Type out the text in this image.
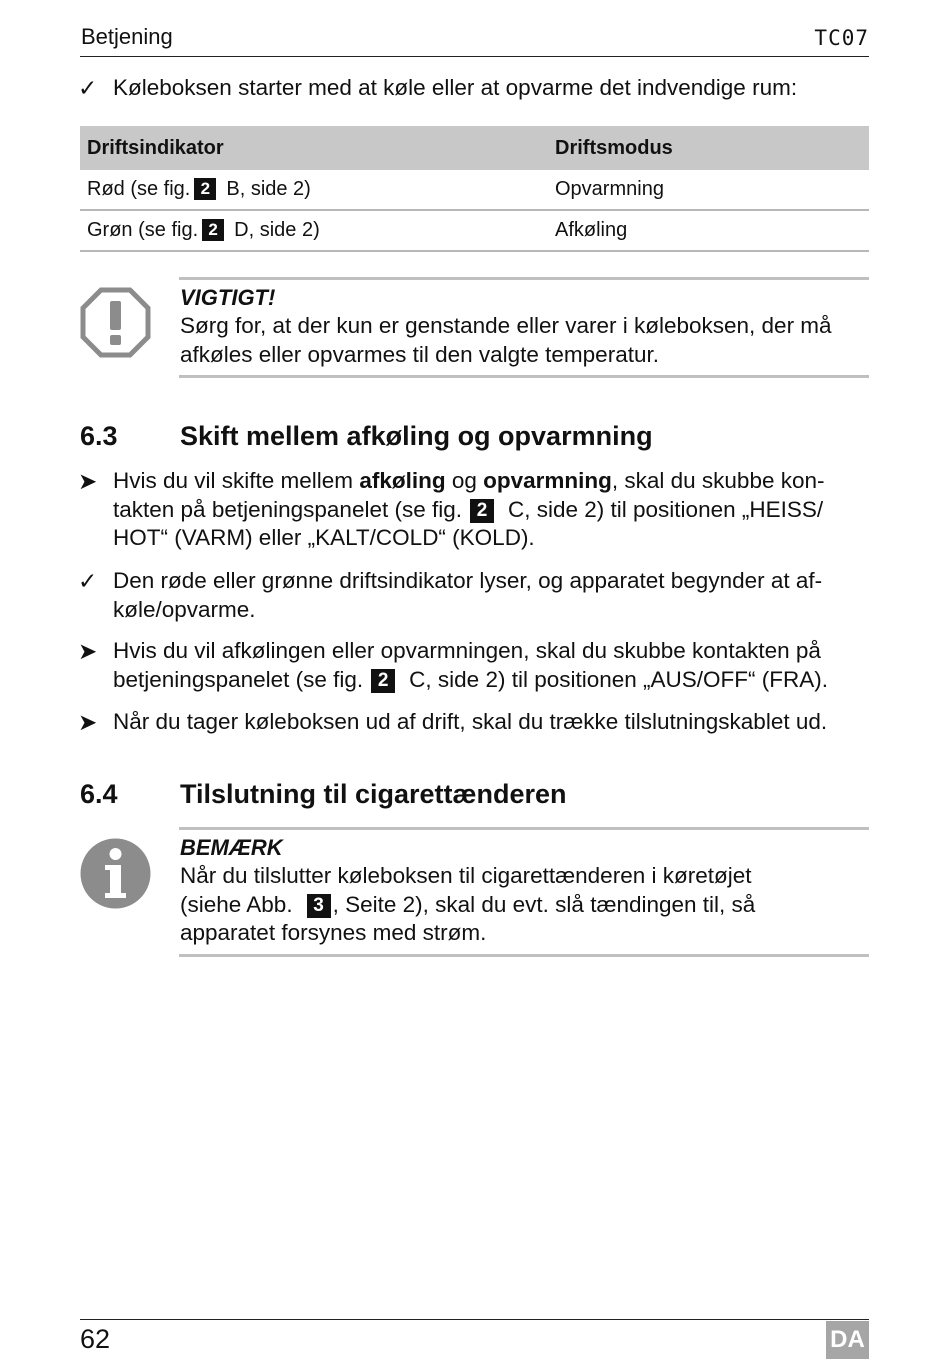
Betjening	TC07
✓ Køleboksen starter med at køle eller at opvarme det indvendige rum:
Driftsindikator	Driftsmodus
Rød (se fig. 2 B, side 2)	Opvarmning
Grøn (se fig. 2 D, side 2)	Afkøling
VIGTIGT!
Sørg for, at der kun er genstande eller varer i køleboksen, der må
afkøles eller opvarmes til den valgte temperatur.
6.3 Skift mellem afkøling og opvarmning
➤ Hvis du vil skifte mellem afkøling og opvarmning, skal du skubbe kon-
takten på betjeningspanelet (se fig. 2 C, side 2) til positionen „HEISS/
HOT“ (VARM) eller „KALT/COLD“ (KOLD).
✓ Den røde eller grønne driftsindikator lyser, og apparatet begynder at af-
køle/opvarme.
➤ Hvis du vil afkølingen eller opvarmningen, skal du skubbe kontakten på
betjeningspanelet (se fig. 2 C, side 2) til positionen „AUS/OFF“ (FRA).
➤ Når du tager køleboksen ud af drift, skal du trække tilslutningskablet ud.
6.4 Tilslutning til cigarettænderen
BEMÆRK
Når du tilslutter køleboksen til cigarettænderen i køretøjet
(siehe Abb. 3 , Seite 2), skal du evt. slå tændingen til, så
apparatet forsynes med strøm.
62	DA
